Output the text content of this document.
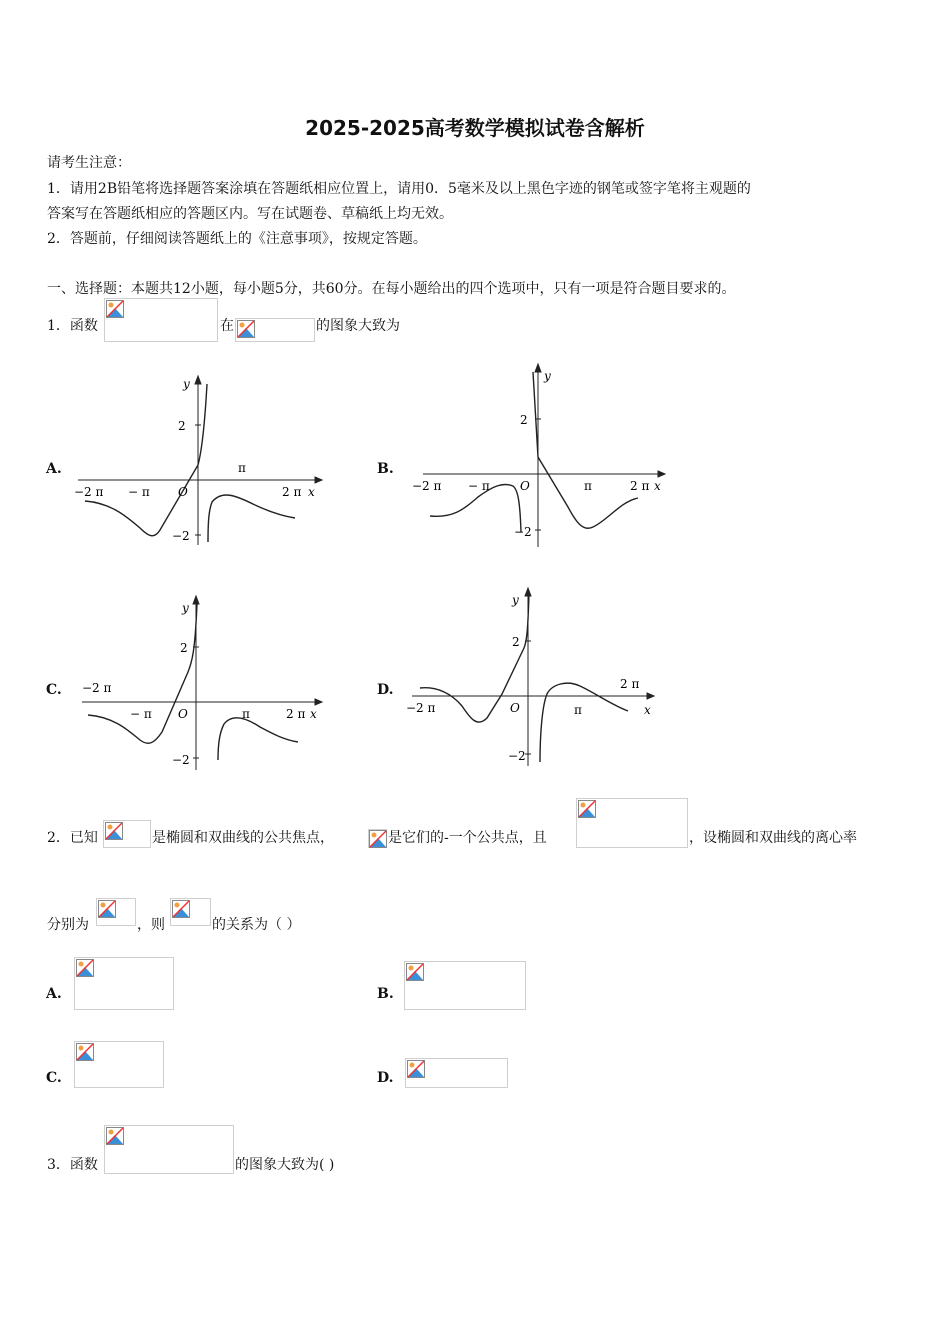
2025-2025高考数学模拟试卷含解析
请考生注意：
1．请用2B铅笔将选择题答案涂填在答题纸相应位置上，请用0．5毫米及以上黑色字迹的钢笔或签字笔将主观题的
答案写在答题纸相应的答题区内。写在试题卷、草稿纸上均无效。
2．答题前，仔细阅读答题纸上的《注意事项》，按规定答题。
一、选择题：本题共12小题，每小题5分，共60分。在每小题给出的四个选项中，只有一项是符合题目要求的。
1．函数	在	的图象大致为
A.	B.
C.	D.
y
2
−2
π
−2 π − π O	2 π x
y
2
−2
−2 π − π	O	π	2 π x
y
2
−2
−2 π
− π O	π	2 π x
y
2
−2
−2 π	O	π
2 π
x
2．已知	是椭圆和双曲线的公共焦点，	是它们的-一个公共点，且	，设椭圆和双曲线的离心率
分别为	，则	的关系为（ ）
A.	B.
C.	D.
3．函数	的图象大致为( )
